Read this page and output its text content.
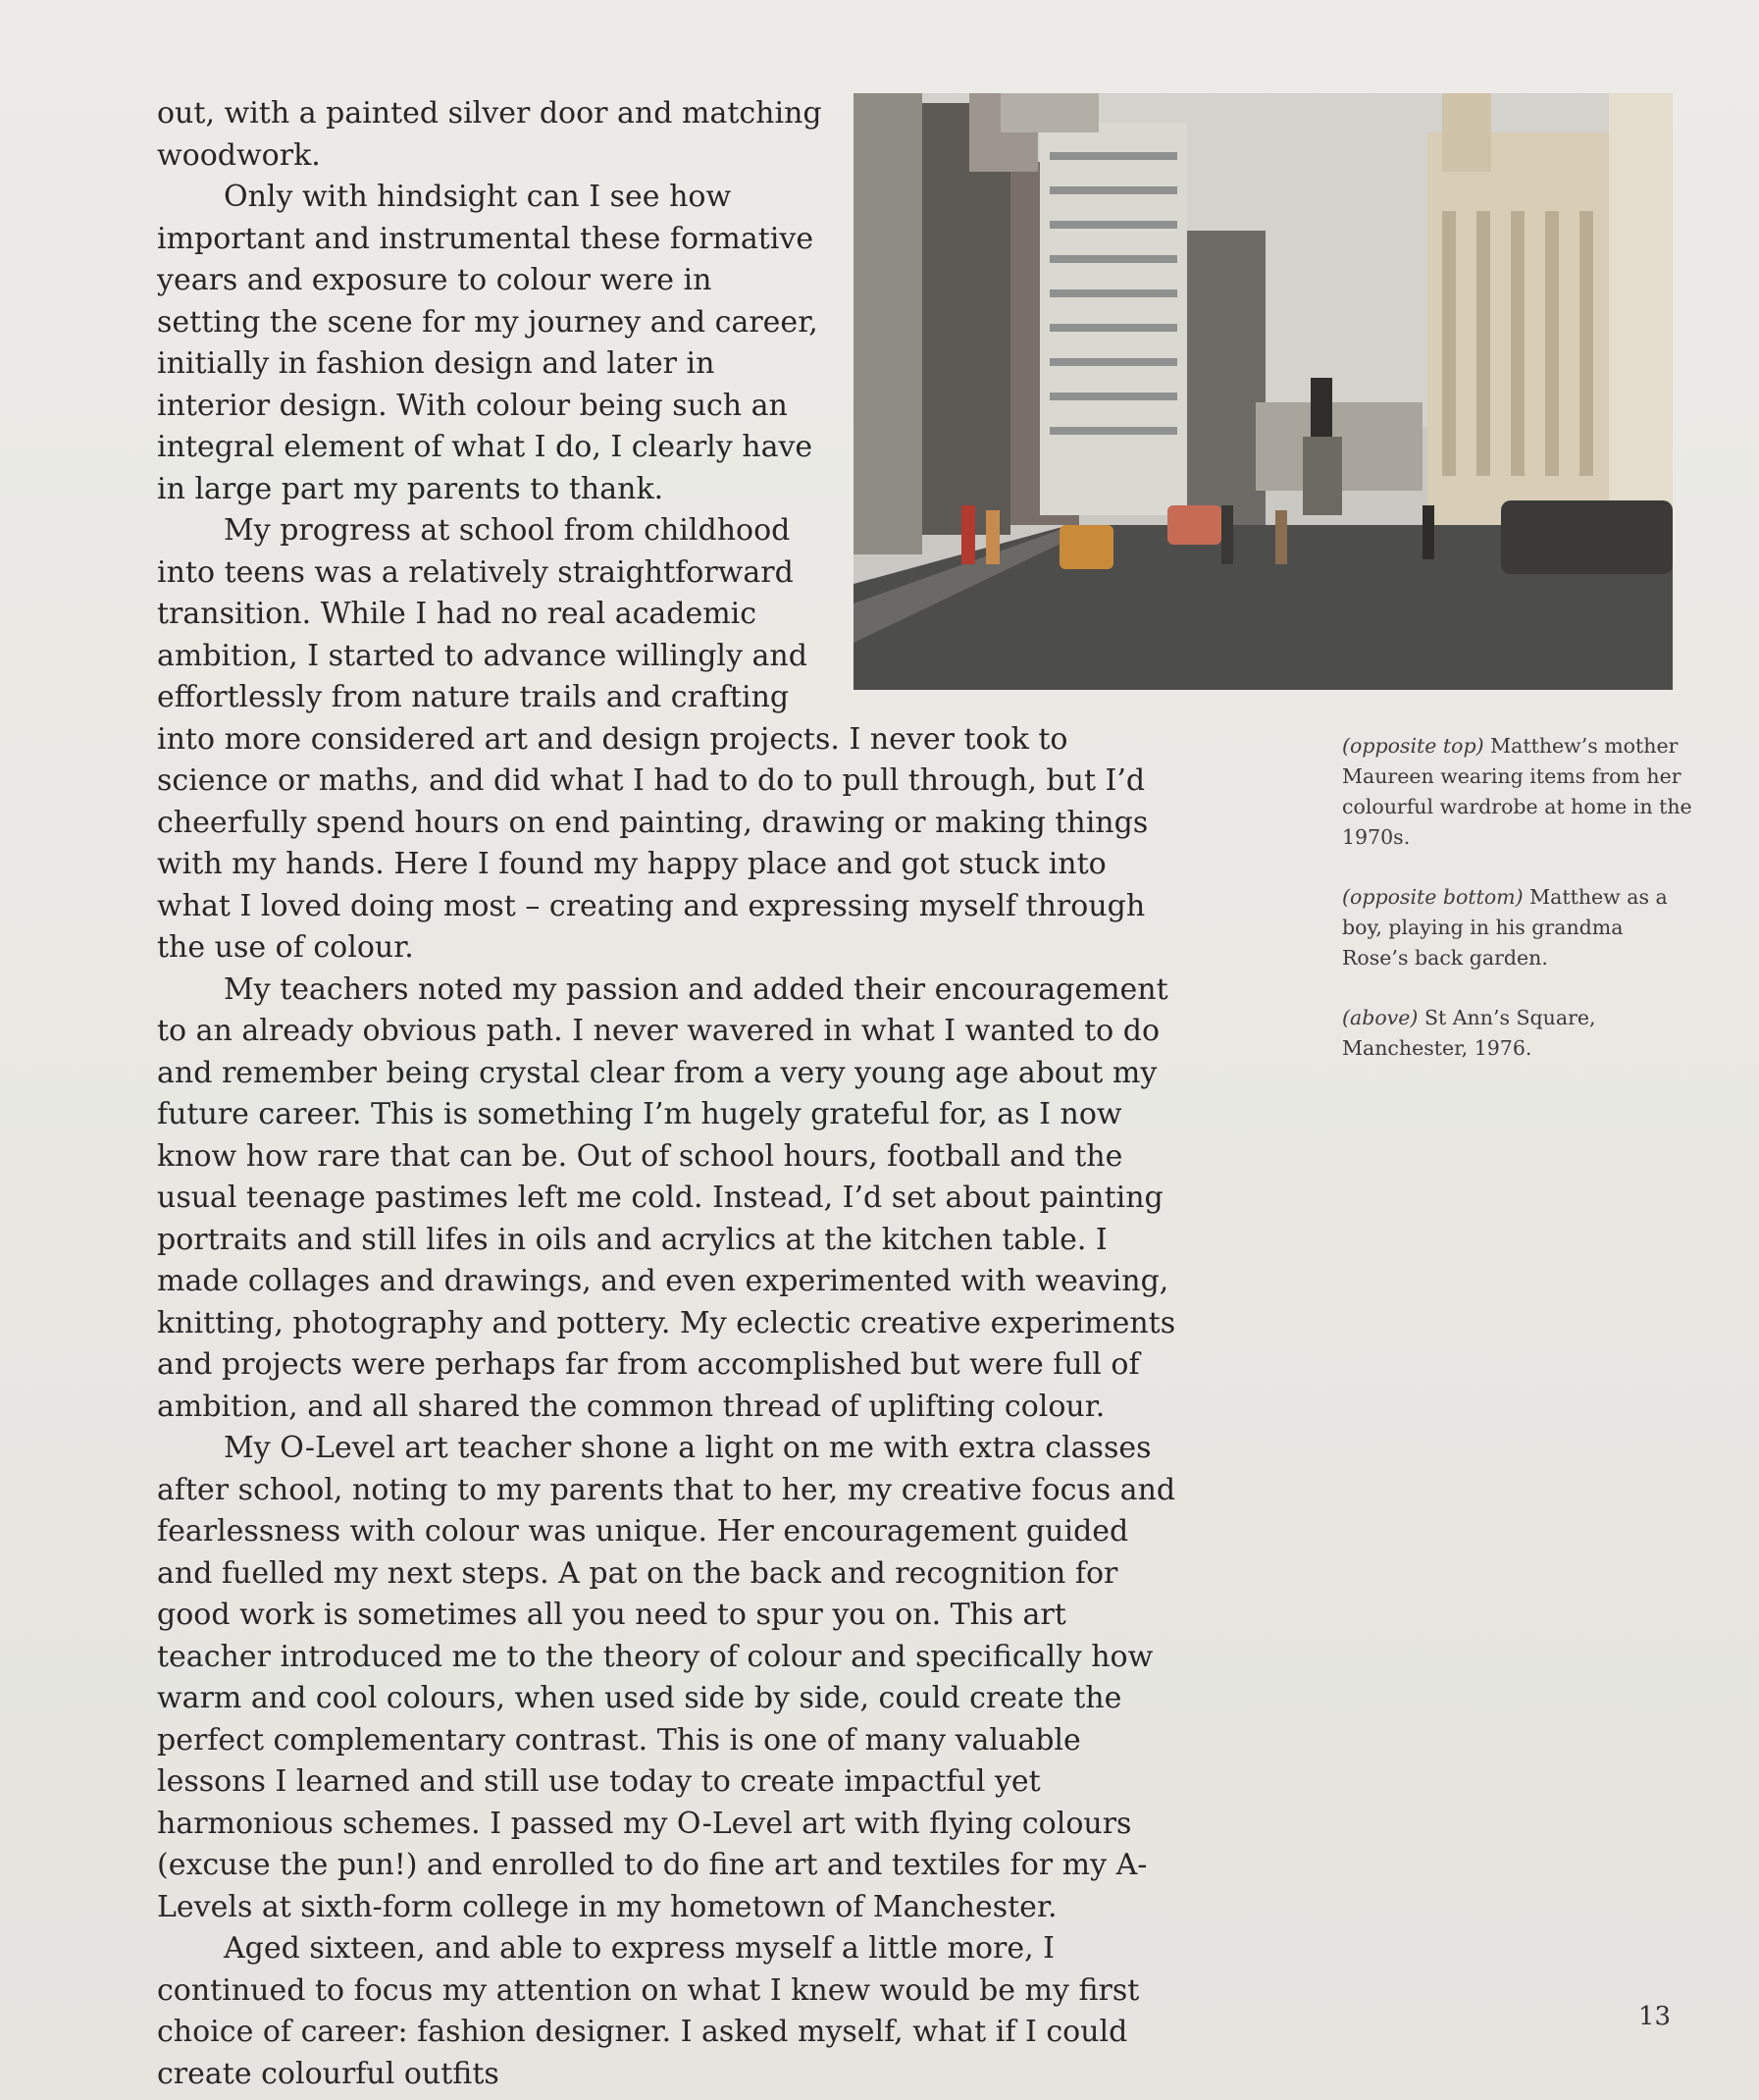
out, with a painted silver door and matching woodwork.

Only with hindsight can I see how important and instrumental these formative years and exposure to colour were in setting the scene for my journey and career, initially in fashion design and later in interior design. With colour being such an integral element of what I do, I clearly have in large part my parents to thank.

My progress at school from childhood into teens was a relatively straightforward transition. While I had no real academic ambition, I started to advance willingly and effortlessly from nature trails and crafting into more considered art and design projects. I never took to science or maths, and did what I had to do to pull through, but I’d cheerfully spend hours on end painting, drawing or making things with my hands. Here I found my happy place and got stuck into what I loved doing most – creating and expressing myself through the use of colour.

My teachers noted my passion and added their encouragement to an already obvious path. I never wavered in what I wanted to do and remember being crystal clear from a very young age about my future career. This is something I’m hugely grateful for, as I now know how rare that can be. Out of school hours, football and the usual teenage pastimes left me cold. Instead, I’d set about painting portraits and still lifes in oils and acrylics at the kitchen table. I made collages and drawings, and even experimented with weaving, knitting, photography and pottery. My eclectic creative experiments and projects were perhaps far from accomplished but were full of ambition, and all shared the common thread of uplifting colour.

My O-Level art teacher shone a light on me with extra classes after school, noting to my parents that to her, my creative focus and fearlessness with colour was unique. Her encouragement guided and fuelled my next steps. A pat on the back and recognition for good work is sometimes all you need to spur you on. This art teacher introduced me to the theory of colour and specifically how warm and cool colours, when used side by side, could create the perfect complementary contrast. This is one of many valuable lessons I learned and still use today to create impactful yet harmonious schemes. I passed my O-Level art with flying colours (excuse the pun!) and enrolled to do fine art and textiles for my A-Levels at sixth-form college in my hometown of Manchester.

Aged sixteen, and able to express myself a little more, I continued to focus my attention on what I knew would be my first choice of career: fashion designer. I asked myself, what if I could create colourful outfits

(opposite top) Matthew’s mother Maureen wearing items from her colourful wardrobe at home in the 1970s.

(opposite bottom) Matthew as a boy, playing in his grandma Rose’s back garden.

(above) St Ann’s Square, Manchester, 1976.

13
